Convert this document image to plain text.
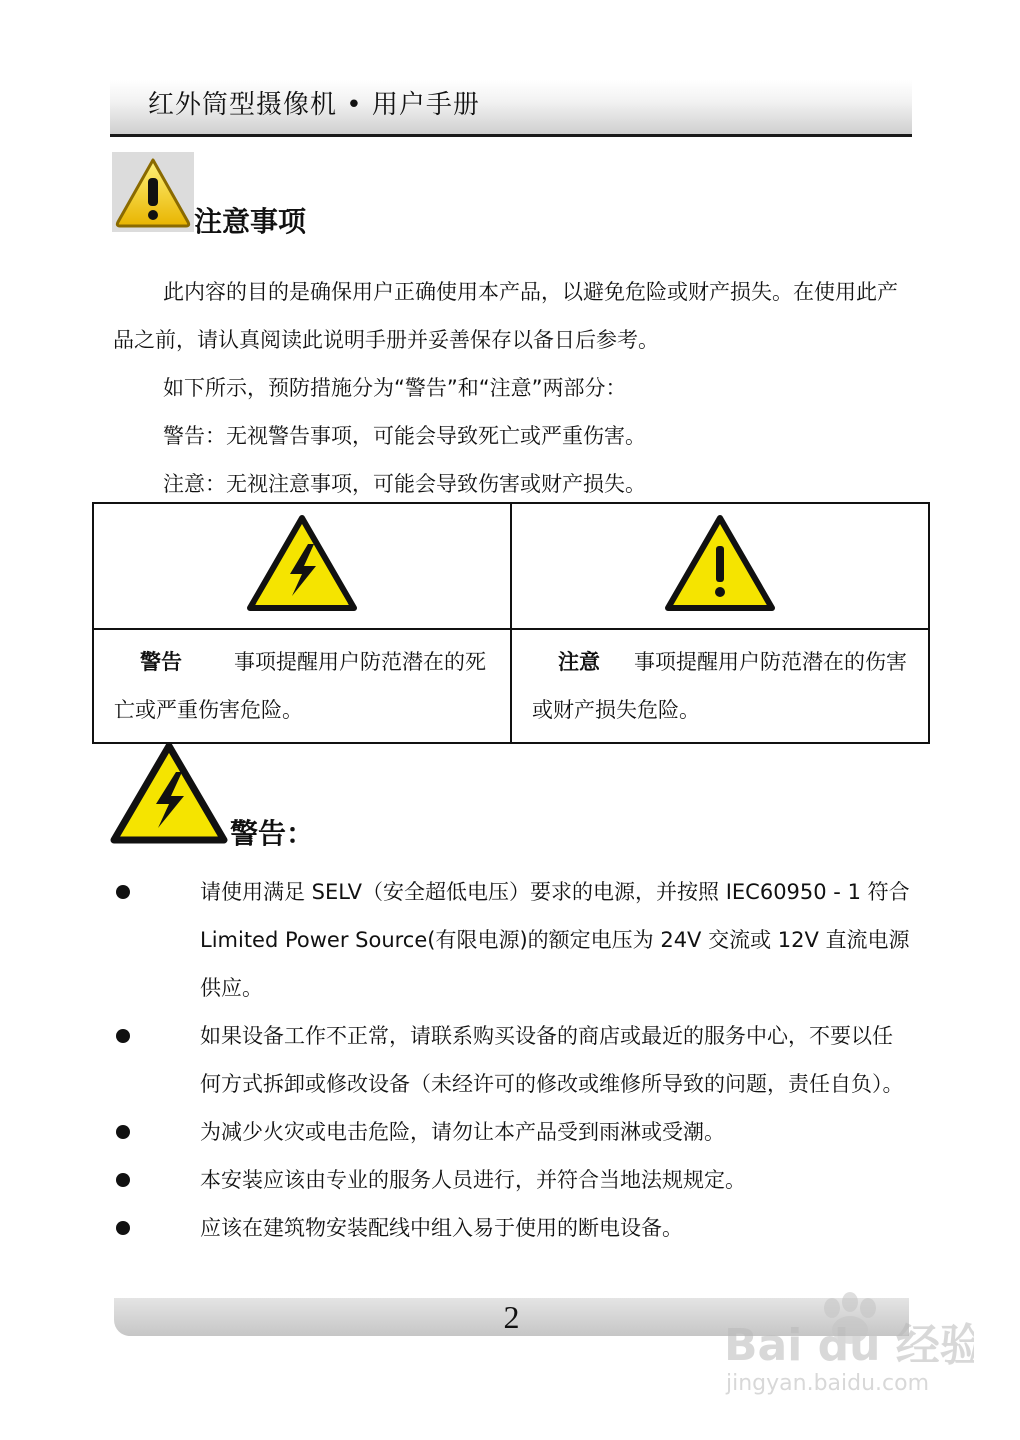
红外筒型摄像机 • 用户手册
注意事项
此内容的目的是确保用户正确使用本产品，以避免危险或财产损失。在使用此产品之前，请认真阅读此说明手册并妥善保存以备日后参考。
如下所示，预防措施分为“警告”和“注意”两部分：
警告：无视警告事项，可能会导致死亡或严重伤害。
注意：无视注意事项，可能会导致伤害或财产损失。

警告 事项提醒用户防范潜在的死亡或严重伤害危险。	注意 事项提醒用户防范潜在的伤害或财产损失危险。
警告：
请使用满足 SELV（安全超低电压）要求的电源，并按照 IEC60950 - 1 符合 Limited Power Source(有限电源)的额定电压为 24V 交流或 12V 直流电源供应。
如果设备工作不正常，请联系购买设备的商店或最近的服务中心，不要以任何方式拆卸或修改设备（未经许可的修改或维修所导致的问题，责任自负）。
为减少火灾或电击危险，请勿让本产品受到雨淋或受潮。
本安装应该由专业的服务人员进行，并符合当地法规规定。
应该在建筑物安装配线中组入易于使用的断电设备。
2
Bai du 经验
jingyan.baidu.com
